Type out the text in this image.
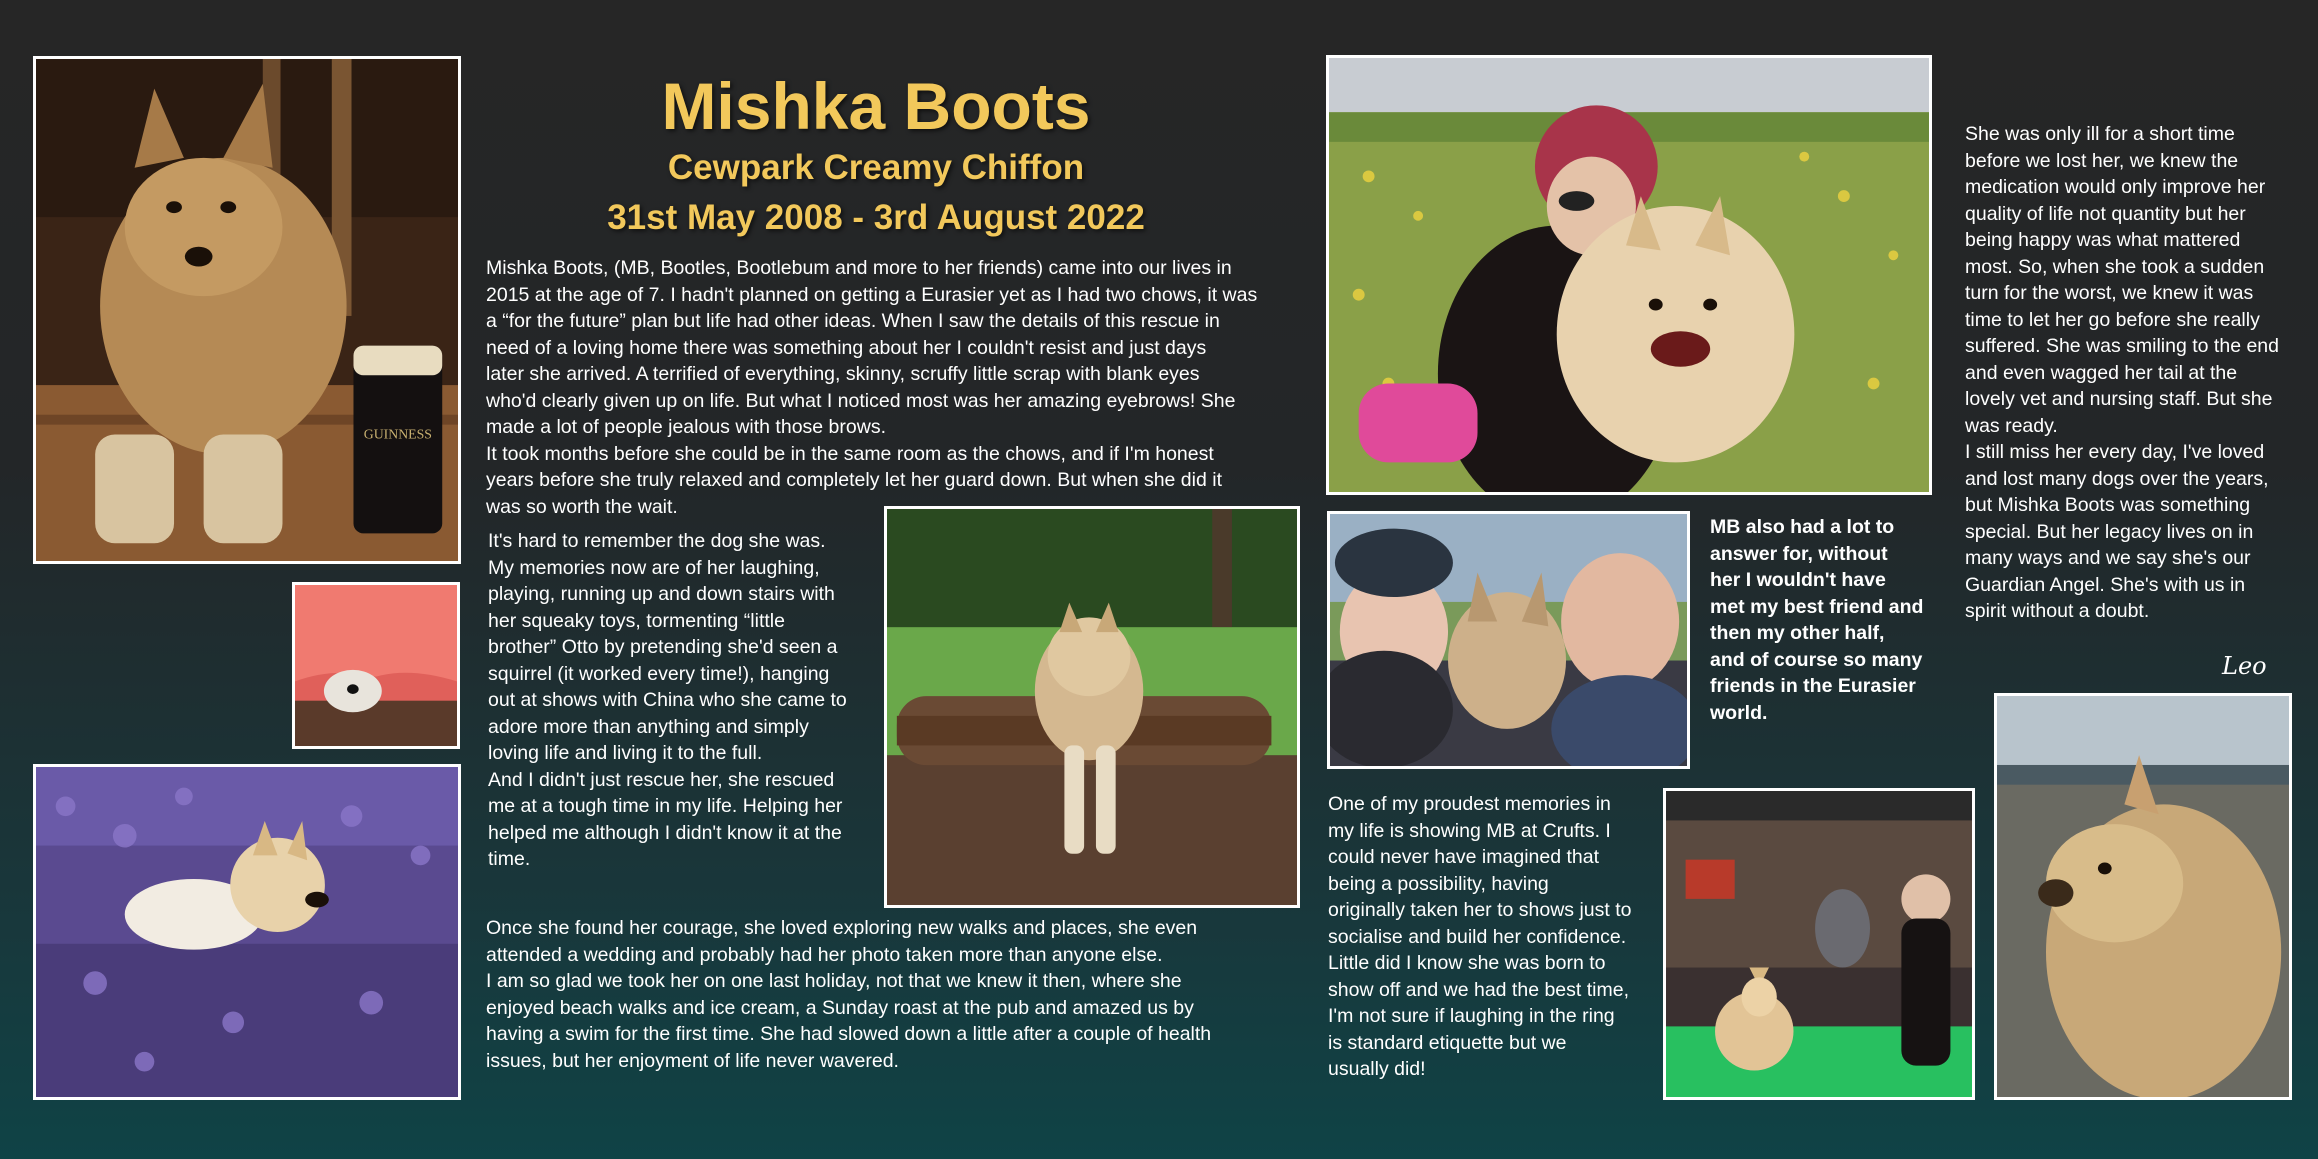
GUINNESS
Mishka Boots
Cewpark Creamy Chiffon
31st May 2008 - 3rd August 2022

Mishka Boots, (MB, Bootles, Bootlebum and more to her friends) came into our lives in
2015 at the age of 7. I hadn't planned on getting a Eurasier yet as I had two chows, it was
a “for the future” plan but life had other ideas. When I saw the details of this rescue in
need of a loving home there was something about her I couldn't resist and just days
later she arrived. A terrified of everything, skinny, scruffy little scrap with blank eyes
who'd clearly given up on life. But what I noticed most was her amazing eyebrows! She
made a lot of people jealous with those brows.
It took months before she could be in the same room as the chows, and if I'm honest
years before she truly relaxed and completely let her guard down. But when she did it
was so worth the wait.

It's hard to remember the dog she was.
My memories now are of her laughing,
playing, running up and down stairs with
her squeaky toys, tormenting “little
brother” Otto by pretending she'd seen a
squirrel (it worked every time!), hanging
out at shows with China who she came to
adore more than anything and simply
loving life and living it to the full.
And I didn't just rescue her, she rescued
me at a tough time in my life. Helping her
helped me although I didn't know it at the
time.

Once she found her courage, she loved exploring new walks and places, she even
attended a wedding and probably had her photo taken more than anyone else.
I am so glad we took her on one last holiday, not that we knew it then, where she
enjoyed beach walks and ice cream, a Sunday roast at the pub and amazed us by
having a swim for the first time. She had slowed down a little after a couple of health
issues, but her enjoyment of life never wavered.

MB also had a lot to
answer for, without
her I wouldn't have
met my best friend and
then my other half,
and of course so many
friends in the Eurasier
world.

One of my proudest memories in
my life is showing MB at Crufts. I
could never have imagined that
being a possibility, having
originally taken her to shows just to
socialise and build her confidence.
Little did I know she was born to
show off and we had the best time,
I'm not sure if laughing in the ring
is standard etiquette but we
usually did!

She was only ill for a short time
before we lost her, we knew the
medication would only improve her
quality of life not quantity but her
being happy was what mattered
most. So, when she took a sudden
turn for the worst, we knew it was
time to let her go before she really
suffered. She was smiling to the end
and even wagged her tail at the
lovely vet and nursing staff. But she
was ready.
I still miss her every day, I've loved
and lost many dogs over the years,
but Mishka Boots was something
special. But her legacy lives on in
many ways and we say she's our
Guardian Angel. She's with us in
spirit without a doubt.

Leo
